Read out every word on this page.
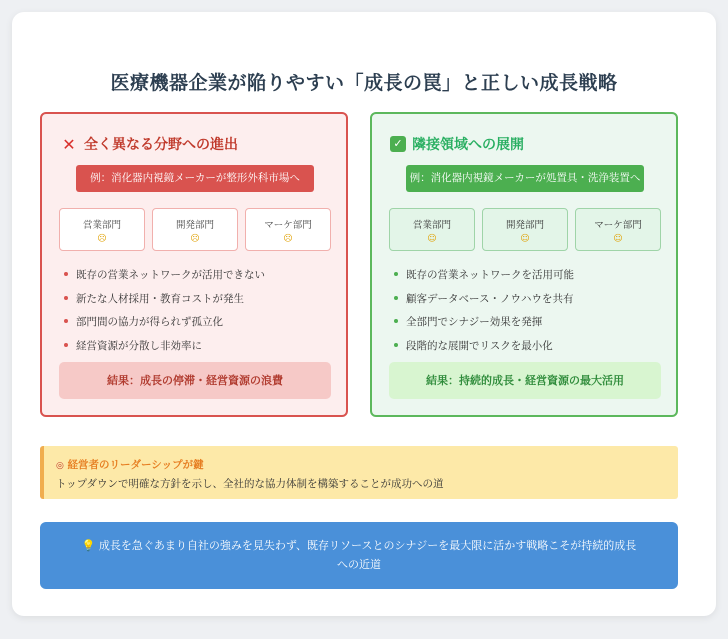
医療機器企業が陥りやすい「成長の罠」と正しい成長戦略
✕ 全く異なる分野への進出
例：消化器内視鏡メーカーが整形外科市場へ
営業部門
☹
開発部門
☹
マーケ部門
☹
既存の営業ネットワークが活用できない
新たな人材採用・教育コストが発生
部門間の協力が得られず孤立化
経営資源が分散し非効率に
結果：成長の停滞・経営資源の浪費
✓ 隣接領域への展開
例：消化器内視鏡メーカーが処置具・洗浄装置へ
営業部門
☺
開発部門
☺
マーケ部門
☺
既存の営業ネットワークを活用可能
顧客データベース・ノウハウを共有
全部門でシナジー効果を発揮
段階的な展開でリスクを最小化
結果：持続的成長・経営資源の最大活用
◎ 経営者のリーダーシップが鍵
トップダウンで明確な方針を示し、全社的な協力体制を構築することが成功への道
💡 成長を急ぐあまり自社の強みを見失わず、既存リソースとのシナジーを最大限に活かす戦略こそが持続的成長への近道
